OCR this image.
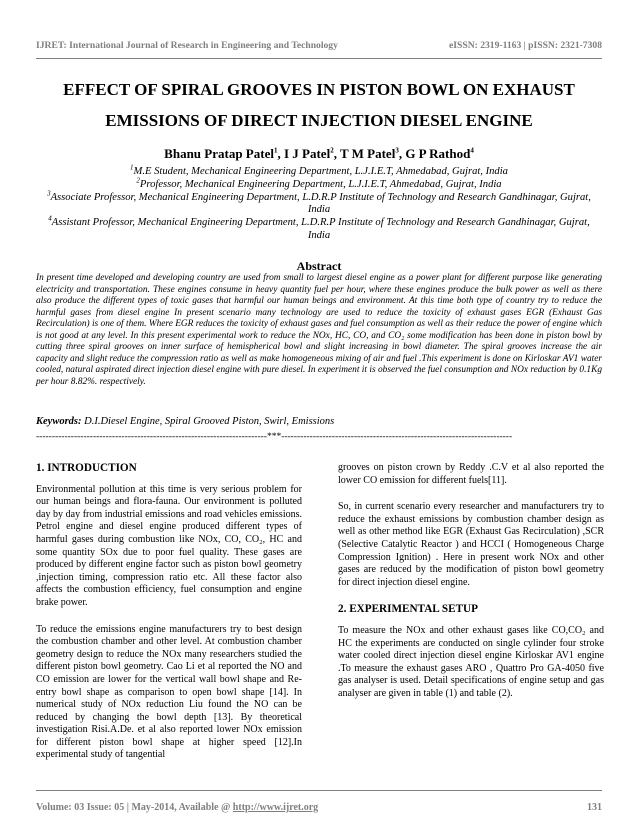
IJRET: International Journal of Research in Engineering and Technology	eISSN: 2319-1163 | pISSN: 2321-7308
EFFECT OF SPIRAL GROOVES IN PISTON BOWL ON EXHAUST
EMISSIONS OF DIRECT INJECTION DIESEL ENGINE
Bhanu Pratap Patel$^1$, I J Patel$^2$, T M Patel$^3$, G P Rathod$^4$
$^1$M.E Student, Mechanical Engineering Department, L.J.I.E.T, Ahmedabad, Gujrat, India
$^2$Professor, Mechanical Engineering Department, L.J.I.E.T, Ahmedabad, Gujrat, India
$^3$Associate Professor, Mechanical Engineering Department, L.D.R.P Institute of Technology and Research Gandhinagar, Gujrat, India
$^4$Assistant Professor, Mechanical Engineering Department, L.D.R.P Institute of Technology and Research Gandhinagar, Gujrat, India
Abstract
In present time developed and developing country are used from small to largest diesel engine as a power plant for different purpose like generating electricity and transportation. These engines consume in heavy quantity fuel per hour, where these engines produce the bulk power as well as there also produce the different types of toxic gases that harmful our human beings and environment. At this time both type of country try to reduce the harmful gases from diesel engine In present scenario many technology are used to reduce the toxicity of exhaust gases EGR (Exhaust Gas Recirculation) is one of them. Where EGR reduces the toxicity of exhaust gases and fuel consumption as well as their reduce the power of engine which is not good at any level. In this present experimental work to reduce the NOx, HC, CO, and CO₂ some modification has been done in piston bowl by cutting three spiral grooves on inner surface of hemispherical bowl and slight increasing in bowl diameter. The spiral grooves increase the air capacity and slight reduce the compression ratio as well as make homogeneous mixing of air and fuel .This experiment is done on Kirloskar AV1 water cooled, natural aspirated direct injection diesel engine with pure diesel. In experiment it is observed the fuel consumption and NOx reduction by 0.1Kg per hour 8.82%. respectively.
Keywords: D.I.Diesel Engine, Spiral Grooved Piston, Swirl, Emissions
-------------------------------------------------------------------------***-------------------------------------------------------------------------
1. INTRODUCTION

Environmental pollution at this time is very serious problem for our human beings and flora-fauna. Our environment is polluted day by day from industrial emissions and road vehicles emissions. Petrol engine and diesel engine produced different types of harmful gases during combustion like NOx, CO, CO₂, HC and some quantity SOx due to poor fuel quality. These gases are produced by different engine factor such as piston bowl geometry ,injection timing, compression ratio etc. All these factor also affects the combustion efficiency, fuel consumption and engine brake power.

To reduce the emissions engine manufacturers try to best design the combustion chamber and other level. At combustion chamber geometry design to reduce the NOx many researchers studied the different piston bowl geometry. Cao Li et al reported the NO and CO emission are lower for the vertical wall bowl shape and Re- entry bowl shape as comparison to open bowl shape [14]. In numerical study of NOx reduction Liu found the NO can be reduced by changing the bowl depth [13]. By theoretical investigation Risi.A.De. et al also reported lower NOx emission for different piston bowl shape at higher speed [12].In experimental study of tangential

grooves on piston crown by Reddy .C.V et al also reported the lower CO emission for different fuels[11].

So, in current scenario every researcher and manufacturers try to reduce the exhaust emissions by combustion chamber design as well as other method like EGR (Exhaust Gas Recirculation) ,SCR (Selective Catalytic Reactor ) and HCCI ( Homogeneous Charge Compression Ignition) . Here in present work NOx and other gases are reduced by the modification of piston bowl geometry for direct injection diesel engine.

2. EXPERIMENTAL SETUP

To measure the NOx and other exhaust gases like CO,CO₂ and HC the experiments are conducted on single cylinder four stroke water cooled direct injection diesel engine Kirloskar AV1 engine .To measure the exhaust gases ARO , Quattro Pro GA-4050 five gas analyser is used. Detail specifications of engine setup and gas analyser are given in table (1) and table (2).

Volume: 03 Issue: 05 | May-2014, Available @ http://www.ijret.org	131
